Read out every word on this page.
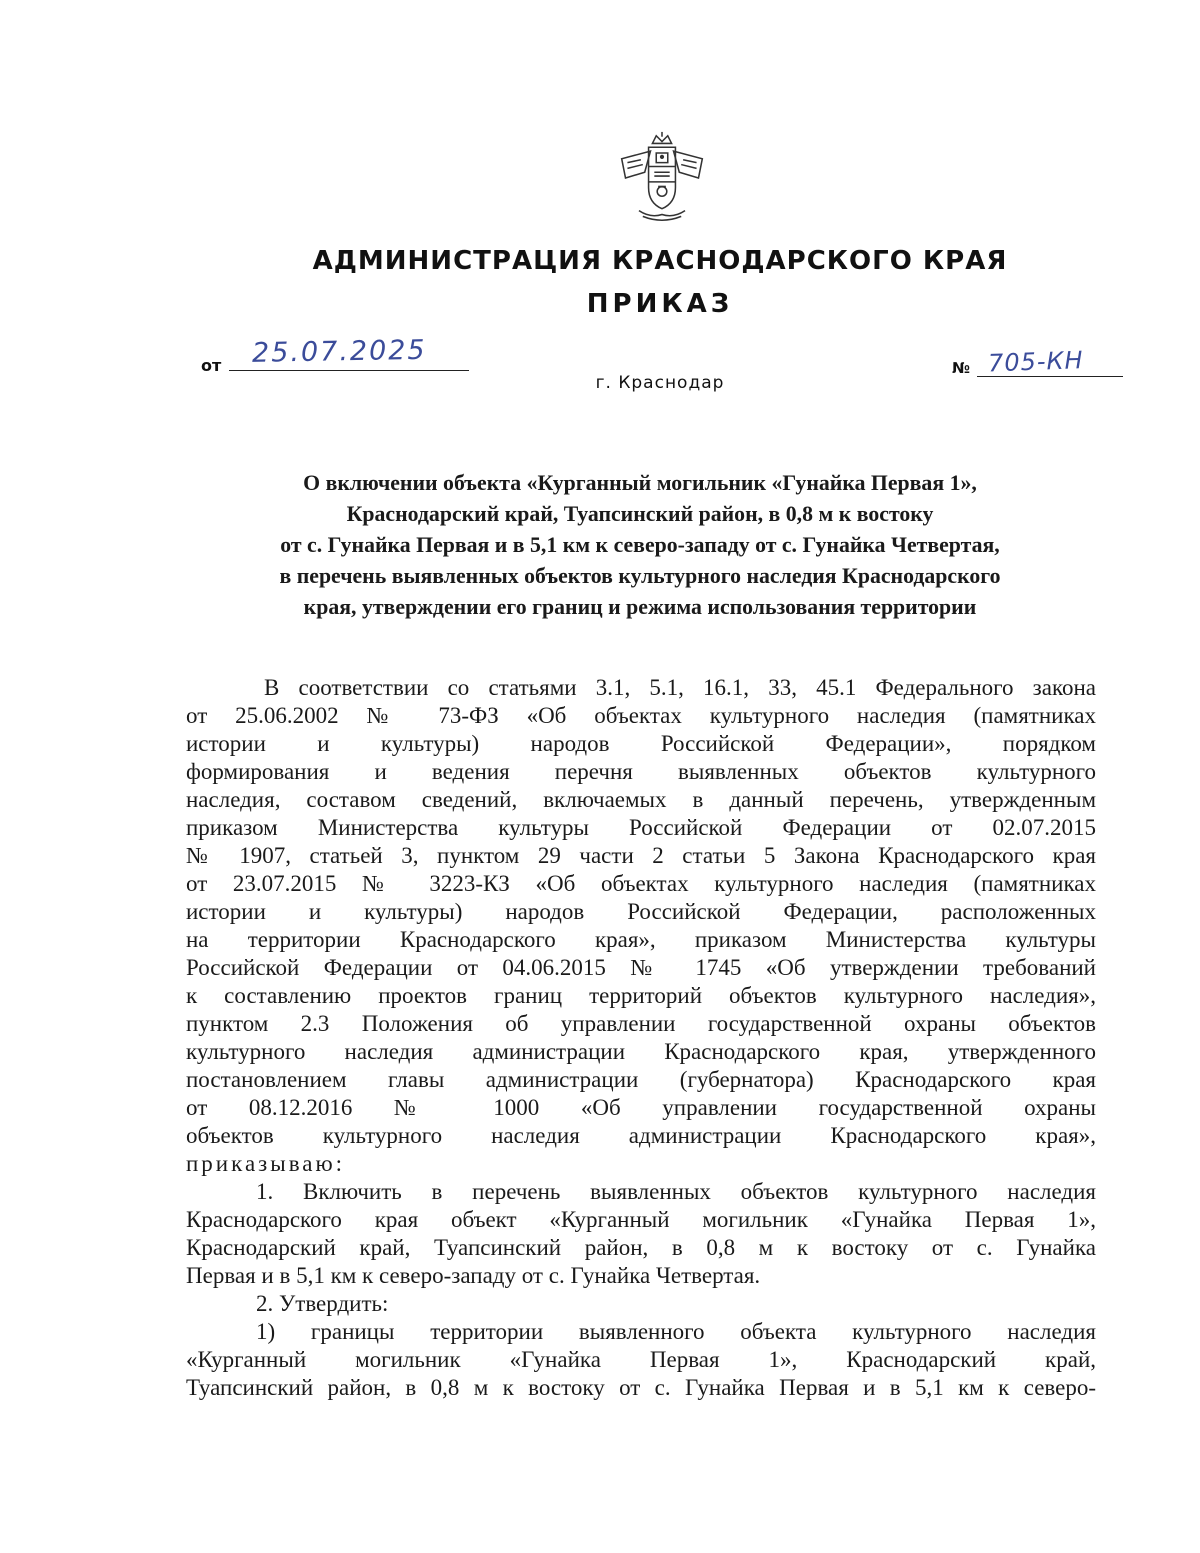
АДМИНИСТРАЦИЯ КРАСНОДАРСКОГО КРАЯ
ПРИКАЗ
от 25.07.2025
г. Краснодар
№ 705-КН
О включении объекта «Курганный могильник «Гунайка Первая 1»,
Краснодарский край, Туапсинский район, в 0,8 м к востоку
от с. Гунайка Первая и в 5,1 км к северо-западу от с. Гунайка Четвертая,
в перечень выявленных объектов культурного наследия Краснодарского
края, утверждении его границ и режима использования территории
В соответствии со статьями 3.1, 5.1, 16.1, 33, 45.1 Федерального закона
от 25.06.2002 № 73-ФЗ «Об объектах культурного наследия (памятниках
истории и культуры) народов Российской Федерации», порядком
формирования и ведения перечня выявленных объектов культурного
наследия, составом сведений, включаемых в данный перечень, утвержденным
приказом Министерства культуры Российской Федерации от 02.07.2015
№ 1907, статьей 3, пунктом 29 части 2 статьи 5 Закона Краснодарского края
от 23.07.2015 № 3223-КЗ «Об объектах культурного наследия (памятниках
истории и культуры) народов Российской Федерации, расположенных
на территории Краснодарского края», приказом Министерства культуры
Российской Федерации от 04.06.2015 № 1745 «Об утверждении требований
к составлению проектов границ территорий объектов культурного наследия»,
пунктом 2.3 Положения об управлении государственной охраны объектов
культурного наследия администрации Краснодарского края, утвержденного
постановлением главы администрации (губернатора) Краснодарского края
от 08.12.2016 № 1000 «Об управлении государственной охраны
объектов культурного наследия администрации Краснодарского края»,
приказываю:
1. Включить в перечень выявленных объектов культурного наследия
Краснодарского края объект «Курганный могильник «Гунайка Первая 1»,
Краснодарский край, Туапсинский район, в 0,8 м к востоку от с. Гунайка
Первая и в 5,1 км к северо-западу от с. Гунайка Четвертая.
2. Утвердить:
1) границы территории выявленного объекта культурного наследия
«Курганный могильник «Гунайка Первая 1», Краснодарский край,
Туапсинский район, в 0,8 м к востоку от с. Гунайка Первая и в 5,1 км к северо-
